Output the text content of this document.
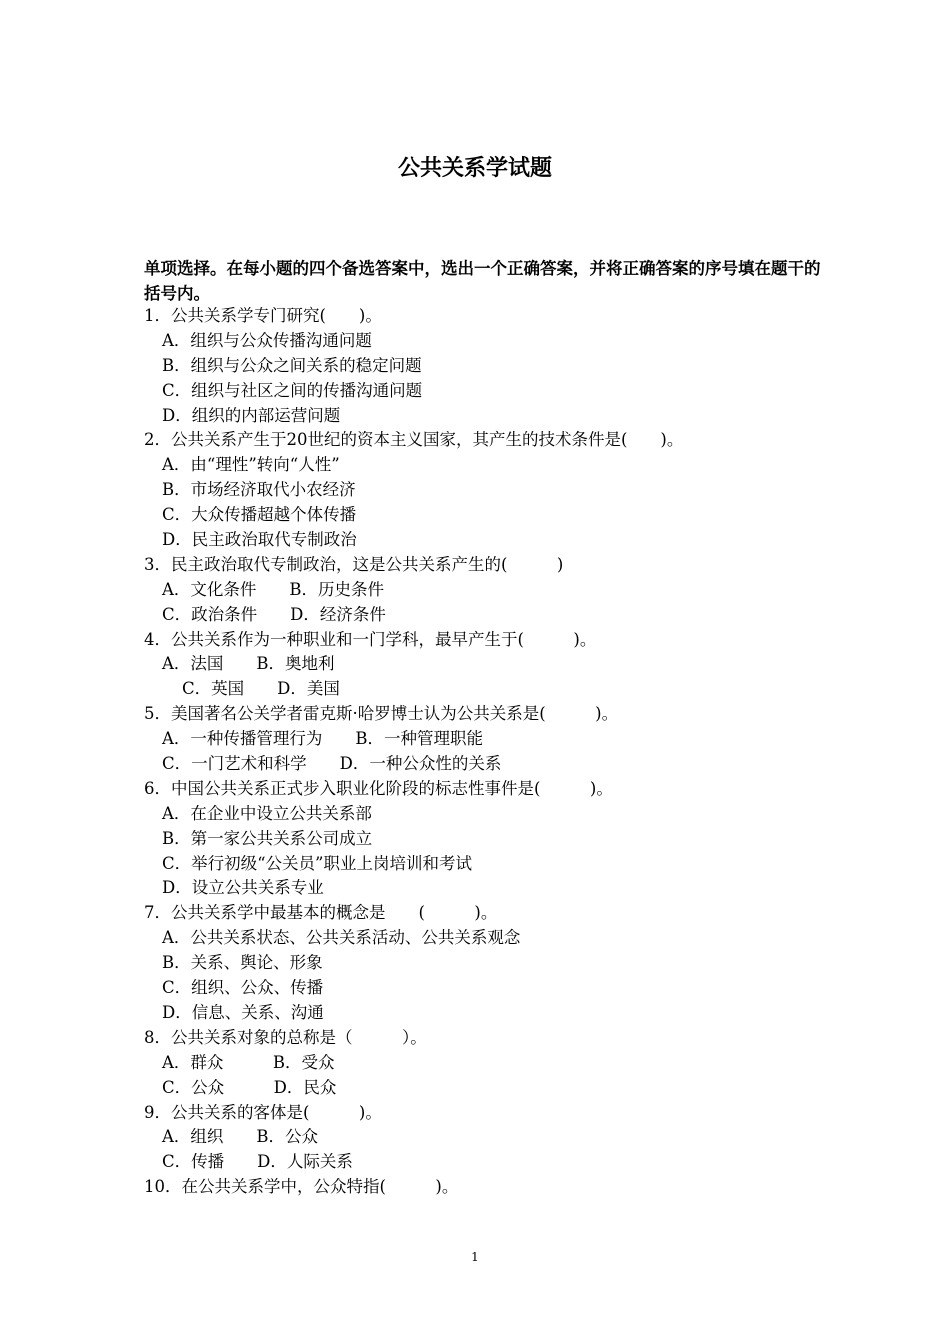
公共关系学试题
单项选择。在每小题的四个备选答案中，选出一个正确答案，并将正确答案的序号填在题干的括号内。
1．公共关系学专门研究(　　)。
A．组织与公众传播沟通问题
B．组织与公众之间关系的稳定问题
C．组织与社区之间的传播沟通问题
D．组织的内部运营问题
2．公共关系产生于20世纪的资本主义国家，其产生的技术条件是(　　)。
A．由“理性”转向“人性”
B．市场经济取代小农经济
C．大众传播超越个体传播
D．民主政治取代专制政治
3．民主政治取代专制政治，这是公共关系产生的(　　　)
A．文化条件　　B．历史条件
C．政治条件　　D．经济条件
4．公共关系作为一种职业和一门学科，最早产生于(　　　)。
A．法国　　B．奥地利
C．英国　　D．美国
5．美国著名公关学者雷克斯·哈罗博士认为公共关系是(　　　)。
A．一种传播管理行为　　B．一种管理职能
C．一门艺术和科学　　D．一种公众性的关系
6．中国公共关系正式步入职业化阶段的标志性事件是(　　　)。
A．在企业中设立公共关系部
B．第一家公共关系公司成立
C．举行初级“公关员”职业上岗培训和考试
D．设立公共关系专业
7．公共关系学中最基本的概念是　　(　　　)。
A．公共关系状态、公共关系活动、公共关系观念
B．关系、舆论、形象
C．组织、公众、传播
D．信息、关系、沟通
8．公共关系对象的总称是（　　　）。
A．群众　　　B．受众
C．公众　　　D．民众
9．公共关系的客体是(　　　)。
A．组织　　B．公众
C．传播　　D．人际关系
10．在公共关系学中，公众特指(　　　)。
1
